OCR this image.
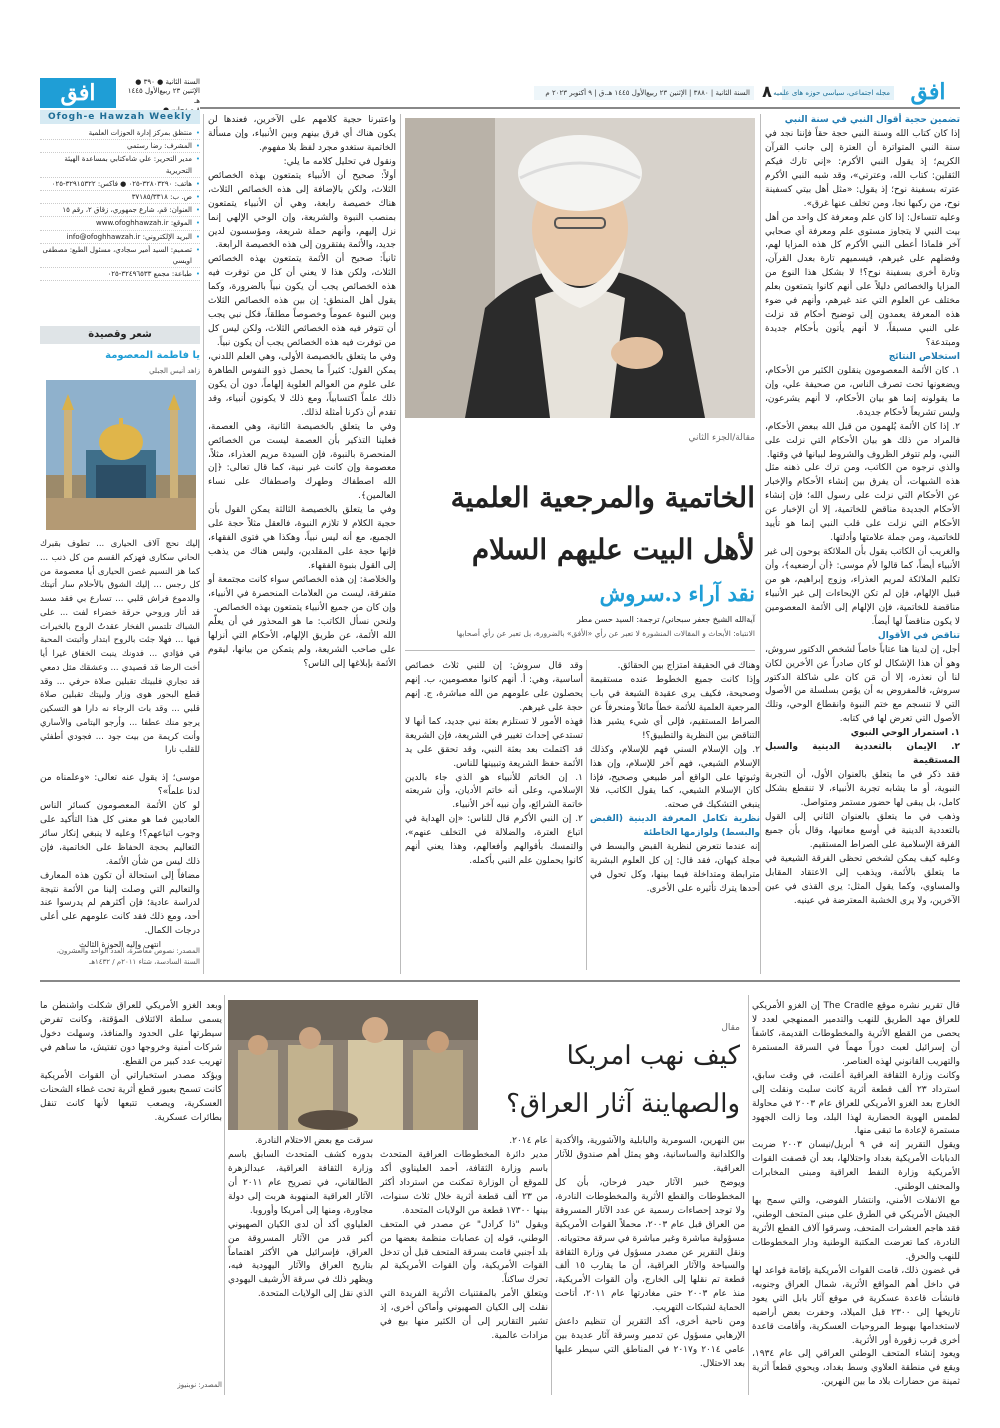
افق
مجله اجتماعی، سیاسی حوزه های علمیه
٨
السنة الثانية | ٣٨٨٠ | الإثنين ٢٣ ربيع‌الأول ١٤٤٥ هـ.ق | ٩ أكتوبر ٢٠٢٣ م
افق	السنة الثانية ● ٣٩٠ ●
الإثنين ٢٣ ربيع‌الأول ١٤٤٥ هـ
Ofogh-e Hawzah Weekly
• منتظق بمركز إدارة الحوزات العلمية
• المشرف: رضا رستمي
• مدير التحرير: علي شاه‌كتابي بمساعدة الهيئة التحريرية
• هاتف: ٣٢٨٠٣٢٩٠-٠٢٥ ● فاكس: ٣٢٩١٥٣٢٢-٠٢٥
• ص. ب: ٣٧١٨٥/٣٣١٨
• العنوان: قم، شارع جمهوري، زقاق ٢، رقم ١٥
• الموقع: www.ofoghhawzah.ir
• البريد الإلكتروني: info@ofoghhawzah.ir
• تصميم: السيد أمير سجادي، مسئول الطبع: مصطفى اويسي
• طباعة: مجمع ٣٢٤٩٦٥٣٣-٠٢٥
شعر وقصيدة
يا فاطمة المعصومة
زاهد أنيس الجبلي
إليك نحج آلاف الحيارى ... تطوف بقبرك الحاني سكارى فهزكم القسم من كل ذنب ... كما هز النسيم غصن الحيارى أيا معصومة من كل رجس ... إليك الشوق بالأحلام سار أتيتك والدموع فراش قلبي ... تسارع بي فقد مسد قد أثار وروحي حرقة خضراء لفت ... على الشباك تلتمس الفخار عقدتُ الروح بالخيرات فيها ... فهلا جئت بالروح ابتدار وأثبتت المحبة في فؤادي ... فدونك ينبت الخفاق غيرا أيا أخت الرضا قد قصيدي ... وعشقك مثل دمعي قد تجاري فلبيتك تقبلين صلاة حرفي ... وقد قطع البحور هوى وزار ولبيتك تقبلين صلاة قلبي ... وقد بات الرجاء نه دارا هو التسكين يرجو منك عطفا ... وأرجو اليتامى والأساري وأنت كريمة من بيت جود ... فجودي أطفئي للقلب نارا

تضمين حجية أقوال النبي في سنة النبي

إذا كان كتاب الله وسنة النبي حجة حقاً فإننا نجد في سنة النبي المتواترة أن العترة إلى جانب القرآن الكريم؛ إذ يقول النبي الأكرم: «إني تارك فيكم الثقلين: كتاب الله، وعترتي»، وقد شبه النبي الأكرم عترته بسفينة نوح؛ إذ يقول: «مثل أهل بيتي كسفينة نوح، من ركبها نجا، ومن تخلف عنها غرق».

وعليه تتساءل: إذا كان علم ومعرفة كل واحد من أهل بيت النبي لا يتجاوز مستوى علم ومعرفة أي صحابي آخر فلماذا أعطى النبي الأكرم كل هذه المزايا لهم، وفضلهم على غيرهم، فيسميهم تارة بعدل القرآن، وتارة أخرى بسفينة نوح؟! لا بشكل هذا النوع من المزايا والخصائص دليلاً على أنهم كانوا يتمتعون بعلم مختلف عن العلوم التي عند غيرهم، وأنهم في ضوء هذه المعرفة يعمدون إلى توضيح أحكام قد نزلت على النبي مسبقاً، لا أنهم يأتون بأحكام جديدة ومبتدعة؟

استخلاص النتائج

١. كان الأئمة المعصومون ينقلون الكثير من الأحكام، ويضعونها تحت تصرف الناس، من صحيفة علي، وإن ما يقولونه إنما هو بيان الأحكام، لا أنهم يشرعون، وليس تشريعاً لأحكام جديدة.

٢. إذا كان الأئمة يُلهمون من قبل الله ببعض الأحكام، فالمراد من ذلك هو بيان الأحكام التي نزلت على النبي، ولم تتوفر الظروف والشروط لبيانها في وقتها.

والذي نرجوه من الكاتب، ومن ترك على ذهنه مثل هذه الشبهات، أن يفرق بين إنشاء الأحكام والإخبار عن الأحكام التي نزلت على رسول الله؛ فإن إنشاء الأحكام الجديدة مناقض للخاتمية، إلا أن الإخبار عن الأحكام التي نزلت على قلب النبي إنما هو تأييد للخاتمية، ومن جملة علامتها وأدلتها.

والغريب أن الكاتب يقول بأن الملائكة يوحون إلى غير الأنبياء أيضاً، كما قالوا لأم موسى: ﴿أن أرضعيه﴾، وأن تكليم الملائكة لمريم العذراء، وزوج إبراهيم، هو من قبيل الإلهام، فإن لم تكن الإيحاءات إلى غير الأنبياء مناقضة للخاتمية، فإن الإلهام إلى الأئمة المعصومين لا يكون مناقضاً لها أيضاً.

تناقض في الأقوال

أجل، إن لدينا هنا عتاباً خاصاً لشخص الدكتور سروش، وهو أن هذا الإشكال لو كان صادراً عن الأخرين لكان لنا أن نعذره، إلا أن مَن كان على شاكلة الدكتور سروش، فالمفروض به أن يؤمن بسلسلة من الأصول التي لا تنسجم مع ختم النبوة وانقطاع الوحي، وتلك الأصول التي تعرض لها في كتابه.

١. استمرار الوحي النبوي

٢. الإيمان بالتعددية الدينية والسبل المستقيمة

فقد ذكر في ما يتعلق بالعنوان الأول، أن التجربة النبوية، أو ما يشابه تجربة الأنبياء، لا تنقطع بشكل كامل، بل يبقى لها حضور مستمر ومتواصل.

وذهب في ما يتعلق بالعنوان الثاني إلى القول بالتعددية الدينية في أوسع معانيها، وقال بأن جميع الفرقة الإسلامية على الصراط المستقيم.

وعليه كيف يمكن لشخص تحظى الفرقة الشيعية في ما يتعلق بالأئمة، ويذهب إلى الاعتقاد المقابل والمساوي، وكما يقول المثل: يرى القذى في عين الآخرين، ولا يرى الخشبة المعترضة في عينيه.

مقالة/الجزء الثاني
الخاتمية والمرجعية العلمية
لأهل البيت عليهم السلام
نقد آراء د.سروش
آية‌الله الشيخ جعفر سبحاني/ ترجمة: السيد حسن مطر
الانتباه: الأبحاث و المقالات المنشورة لا تعبر عن رأي «الأفق» بالضرورة، بل تعبر عن رأي أصحابها

وهناك في الحقيقة امتزاج بين الحقائق.

وإذا كانت جميع الخطوط عنده مستقيمة وصحيحة، فكيف يرى عقيدة الشيعة في باب المرجعية العلمية للأئمة خطاً مائلاً ومنحرفاً عن الصراط المستقيم، فإلى أي شيء يشير هذا التناقض بين النظرية والتطبيق؟!

٢. وإن الإسلام السني فهم للإسلام، وكذلك الإسلام الشيعي، فهم آخر للإسلام، وإن هذا وثبوتها على الواقع أمر طبيعي وصحيح، فإذا كان الإسلام الشيعي، كما يقول الكاتب، فلا ينبغي التشكيك في صحته.

نظرية تكامل المعرفة الدينية (القبض والبسط) ولوازمها الخاطئة

إنه عندما نتعرض لنظرية القبض والبسط في مجلة كيهان، فقد قال: إن كل العلوم البشرية مترابطة ومتداخلة فيما بينها، وكل تحول في أحدها يترك تأثيره على الأخرى.

وقد قال سروش: إن للنبي ثلاث خصائص أساسية، وهي: أ. أنهم كانوا معصومين، ب. إنهم يحصلون على علومهم من الله مباشرة، ج. إنهم حجة على غيرهم.

فهذه الأمور لا تستلزم بعثة نبي جديد، كما أنها لا تستدعي إحداث تغيير في الشريعة، فإن الشريعة قد اكتملت بعد بعثة النبي، وقد تحقق على يد الأئمة حفظ الشريعة وتبيينها للناس.

١. إن الخاتم للأنبياء هو الذي جاء بالدين الإسلامي، وعلى أنه خاتم الأديان، وأن شريعته خاتمة الشرائع، وأن نبيه آخر الأنبياء.

٢. إن النبي الأكرم قال للناس: «إن الهداية في اتباع العترة، والضلالة في التخلف عنهم»، والتمسك بأقوالهم وأفعالهم، وهذا يعني أنهم كانوا يحملون علم النبي بأكمله.

واعتبرنا حجية كلامهم على الآخرين، فعندها لن يكون هناك أي فرق بينهم وبين الأنبياء، وإن مسألة الخاتمية ستغدو مجرد لفظ بلا مفهوم.

ونقول في تحليل كلامه ما يلي:

أولاً: صحيح أن الأنبياء يتمتعون بهذه الخصائص الثلاث، ولكن بالإضافة إلى هذه الخصائص الثلاث، هناك خصيصة رابعة، وهي أن الأنبياء يتمتعون بمنصب النبوة والشريعة، وإن الوحي الإلهي إنما نزل إليهم، وأنهم حملة شريعة، ومؤسسون لدين جديد، والأئمة يفتقرون إلى هذه الخصيصة الرابعة.

ثانياً: صحيح أن الأئمة يتمتعون بهذه الخصائص الثلاث، ولكن هذا لا يعني أن كل من توفرت فيه هذه الخصائص يجب أن يكون نبياً بالضرورة، وكما يقول أهل المنطق: إن بين هذه الخصائص الثلاث وبين النبوة عموماً وخصوصاً مطلقاً، فكل نبي يجب أن تتوفر فيه هذه الخصائص الثلاث، ولكن ليس كل من توفرت فيه هذه الخصائص يجب أن يكون نبياً.

وفي ما يتعلق بالخصيصة الأولى، وهي العلم اللدني، يمكن القول: كثيراً ما يحصل ذوو النفوس الطاهرة على علوم من العوالم العلوية إلهاماً، دون أن يكون ذلك علماً اكتسابياً، ومع ذلك لا يكونون أنبياء، وقد تقدم أن ذكرنا أمثلة لذلك.

وفي ما يتعلق بالخصيصة الثانية، وهي العصمة، فعلينا التذكير بأن العصمة ليست من الخصائص المنحصرة بالنبوة، فإن السيدة مريم العذراء، مثلاً، معصومة وإن كانت غير نبية، كما قال تعالى: ﴿إن الله اصطفاك وطهرك واصطفاك على نساء العالمين﴾.

وفي ما يتعلق بالخصيصة الثالثة يمكن القول بأن حجية الكلام لا تلازم النبوة، فالعقل مثلاً حجة على الجميع، مع أنه ليس نبياً، وهكذا هي فتوى الفقهاء، فإنها حجة على المقلدين، وليس هناك من يذهب إلى القول بنبوة الفقهاء.

والخلاصة: إن هذه الخصائص سواء كانت مجتمعة أو متفرقة، ليست من العلامات المنحصرة في الأنبياء، وإن كان من جميع الأنبياء يتمتعون بهذه الخصائص.

ولنحن نسأل الكاتب: ما هو المحذور في أن يعلّم الله الأئمة، عن طريق الإلهام، الأحكام التي أنزلها على صاحب الشريعة، ولم يتمكن من بيانها، ليقوم الأئمة بإبلاغها إلى الناس؟

موسى؛ إذ يقول عنه تعالى: «وعلمناه من لدنا علماً»؟

لو كان الأئمة المعصومون كسائر الناس العاديين فما هو معنى كل هذا التأكيد على وجوب اتباعهم؟! وعليه لا ينبغي إنكار سائر التعاليم بحجة الحفاظ على الخاتمية، فإن ذلك ليس من شأن الأئمة.

مضافاً إلى استحالة أن تكون هذه المعارف والتعاليم التي وصلت إلينا من الأئمة نتيجة لدراسة عادية؛ فإن أكثرهم لم يدرسوا عند أحد، ومع ذلك فقد كانت علومهم على أعلى درجات الكمال.

انتهى وإليه الحوزة الثالث

المصدر: نصوص معاصرة، العدد الواحد والعشرون، السنة السادسة، شتاء ٢٠١١م / ١٤٣٢هـ

قال تقرير نشره موقع The Cradle إن الغزو الأمريكي للعراق مهد الطريق للنهب والتدمير الممنهجي لعدد لا يحصى من القطع الأثرية والمخطوطات القديمة، كاشفاً أن إسرائيل لعبت دوراً مهماً في السرقة المستمرة والتهريب القانوني لهذه العناصر.

وكانت وزارة الثقافة العراقية أعلنت، في وقت سابق، استرداد ٢٣ ألف قطعة أثرية كانت سلبت ونقلت إلى الخارج بعد الغزو الأمريكي للعراق عام ٢٠٠٣ في محاولة لطمس الهوية الحضارية لهذا البلد، وما زالت الجهود مستمرة لإعادة ما تبقى منها.

ويقول التقرير إنه في ٩ أبريل/نيسان ٢٠٠٣ ضربت الدبابات الأمريكية بغداد واحتلالها، بعد أن قصفت القوات الأمريكية وزارة النفط العراقية ومبنى المخابرات والمحتف الوطني.

مع الانفلات الأمني، وانتشار الفوضى، والتي سمح بها الجيش الأمريكي في الطرق على مبنى المتحف الوطني، فقد هاجم العشرات المتحف، وسرقوا آلاف القطع الأثرية النادرة، كما تعرضت المكتبة الوطنية ودار المخطوطات للنهب والحرق.

في غضون ذلك، قامت القوات الأمريكية بإقامة قواعد لها في داخل أهم المواقع الأثرية، شمال العراق وجنوبه، فانشأت قاعدة عسكرية في موقع آثار بابل التي يعود تاريخها إلى ٢٣٠٠ قبل الميلاد، وحفرت بعض أراضيه لاستخدامها بهبوط المروحيات العسكرية، وأقامت قاعدة أخرى قرب زقورة أور الأثرية.

ويعود إنشاء المتحف الوطني العراقي إلى عام ١٩٣٤، ويقع في منطقة العلاوي وسط بغداد، ويحوي قطعاً أثرية ثمينة من حضارات بلاد ما بين النهرين.

مقال
كيف نهب امريكا
والصهاينة آثار العراق؟

بين النهرين، السومرية والبابلية والآشورية، والأكدية والكلدانية والساسانية، وهو يمثل أهم صندوق للآثار العراقية.

ويوضح خبير الآثار حيدر فرحان، بأن كل المخطوطات والقطع الأثرية والمخطوطات النادرة، ولا توجد إحصاءات رسمية عن عدد الآثار المسروقة من العراق قبل عام ٢٠٠٣، محملاً القوات الأمريكية مسؤولية مباشرة وغير مباشرة في سرقة محتوياته.

ونقل التقرير عن مصدر مسؤول في وزارة الثقافة والسياحة والآثار العراقية، أن ما يقارب ١٥ ألف قطعة تم نقلها إلى الخارج، وأن القوات الأمريكية، منذ عام ٢٠٠٣ حتى مغادرتها عام ٢٠١١، أتاحت الحماية لشبكات التهريب.

ومن ناحية أخرى، أكد التقرير أن تنظيم داعش الإرهابي مسؤول عن تدمير وسرقة آثار عديدة بين عامي ٢٠١٤ و٢٠١٧ في المناطق التي سيطر عليها بعد الاحتلال.

عام ٢٠١٤.

مدير دائرة المخطوطات العراقية المتحدث باسم وزارة الثقافة، أحمد العليناوي أكد للموقع أن الوزارة تمكنت من استرداد أكثر من ٢٣ ألف قطعة أثرية خلال ثلاث سنوات، بينها ١٧٣٠٠ قطعة من الولايات المتحدة.

ويقول "ذا كرادل" عن مصدر في المتحف الوطني، قوله إن عصابات منظمة بعضها من بلد أجنبي قامت بسرقة المتحف قبل أن تدخل القوات الأمريكية، وأن القوات الأمريكية لم تحرك ساكناً.

ويتعلق الأمر بالمقتنيات الأثرية الفريدة التي نقلت إلى الكيان الصهيوني وأماكن أخرى، إذ تشير التقارير إلى أن الكثير منها بيع في مزادات عالمية.

سرقت مع بعض الاحتلام النادرة.

بدوره كشف المتحدث السابق باسم وزارة الثقافة العراقية، عبدالزهرة الطالقاني، في تصريح عام ٢٠١١ أن الآثار العراقية المنهوبة هربت إلى دولة مجاورة، ومنها إلى أمريكا وأوروبا.

العلياوي أكد أن لدى الكيان الصهيوني أكبر قدر من الآثار المسروقة من العراق، فإسرائيل هي الأكثر اهتماماً بتاريخ العراق والآثار اليهودية فيه، ويظهر ذلك في سرقة الأرشيف اليهودي الذي نقل إلى الولايات المتحدة.

وبعد الغزو الأمريكي للعراق شكلت واشنطن ما يسمى سلطة الائتلاف المؤقتة، وكانت تفرض سيطرتها على الحدود والمنافذ، وسهلت دخول شركات أمنية وخروجها دون تفتيش، ما ساهم في تهريب عدد كبير من القطع.

ويؤكد مصدر استخباراتي أن القوات الأمريكية كانت تسمح بعبور قطع أثرية تحت غطاء الشحنات العسكرية، ويصعب تتبعها لأنها كانت تنقل بطائرات عسكرية.

المصدر: نوبنيوز
